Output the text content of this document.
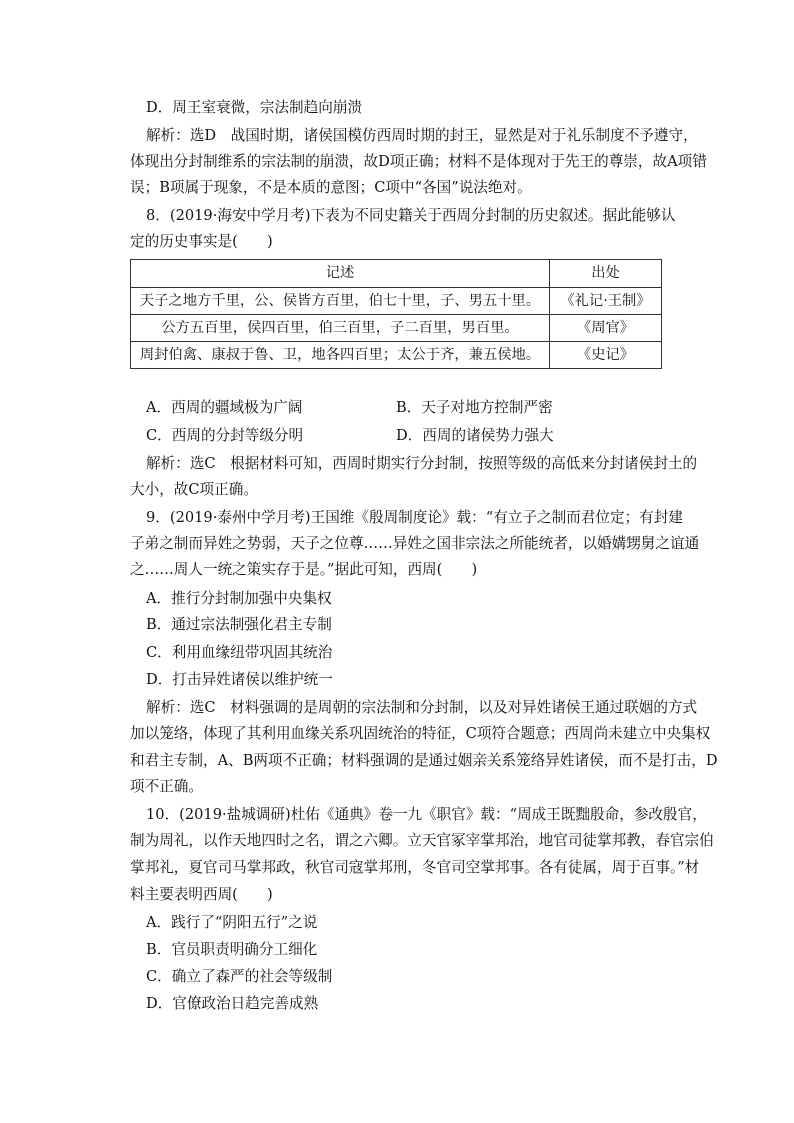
D．周王室衰微，宗法制趋向崩溃
解析：选D　战国时期，诸侯国模仿西周时期的封王，显然是对于礼乐制度不予遵守，
体现出分封制维系的宗法制的崩溃，故D项正确；材料不是体现对于先王的尊崇，故A项错
误；B项属于现象，不是本质的意图；C项中“各国”说法绝对。
8．(2019·海安中学月考)下表为不同史籍关于西周分封制的历史叙述。据此能够认
定的历史事实是(　　)
记述	出处
天子之地方千里，公、侯皆方百里，伯七十里，子、男五十里。	《礼记·王制》
公方五百里，侯四百里，伯三百里，子二百里，男百里。	《周官》
周封伯禽、康叔于鲁、卫，地各四百里；太公于齐，兼五侯地。	《史记》
A．西周的疆域极为广阔	B．天子对地方控制严密
C．西周的分封等级分明	D．西周的诸侯势力强大
解析：选C　根据材料可知，西周时期实行分封制，按照等级的高低来分封诸侯封土的
大小，故C项正确。
9．(2019·泰州中学月考)王国维《殷周制度论》载：“有立子之制而君位定；有封建
子弟之制而异姓之势弱，天子之位尊……异姓之国非宗法之所能统者，以婚媾甥舅之谊通
之……周人一统之策实存于是。”据此可知，西周(　　)
A．推行分封制加强中央集权
B．通过宗法制强化君主专制
C．利用血缘纽带巩固其统治
D．打击异姓诸侯以维护统一
解析：选C　材料强调的是周朝的宗法制和分封制，以及对异姓诸侯王通过联姻的方式
加以笼络，体现了其利用血缘关系巩固统治的特征，C项符合题意；西周尚未建立中央集权
和君主专制，A、B两项不正确；材料强调的是通过姻亲关系笼络异姓诸侯，而不是打击，D
项不正确。
10．(2019·盐城调研)杜佑《通典》卷一九《职官》载：“周成王既黜殷命，参改殷官，
制为周礼，以作天地四时之名，谓之六卿。立天官冢宰掌邦治，地官司徒掌邦教，春官宗伯
掌邦礼，夏官司马掌邦政，秋官司寇掌邦刑，冬官司空掌邦事。各有徒属，周于百事。”材
料主要表明西周(　　)
A．践行了“阴阳五行”之说
B．官员职责明确分工细化
C．确立了森严的社会等级制
D．官僚政治日趋完善成熟
